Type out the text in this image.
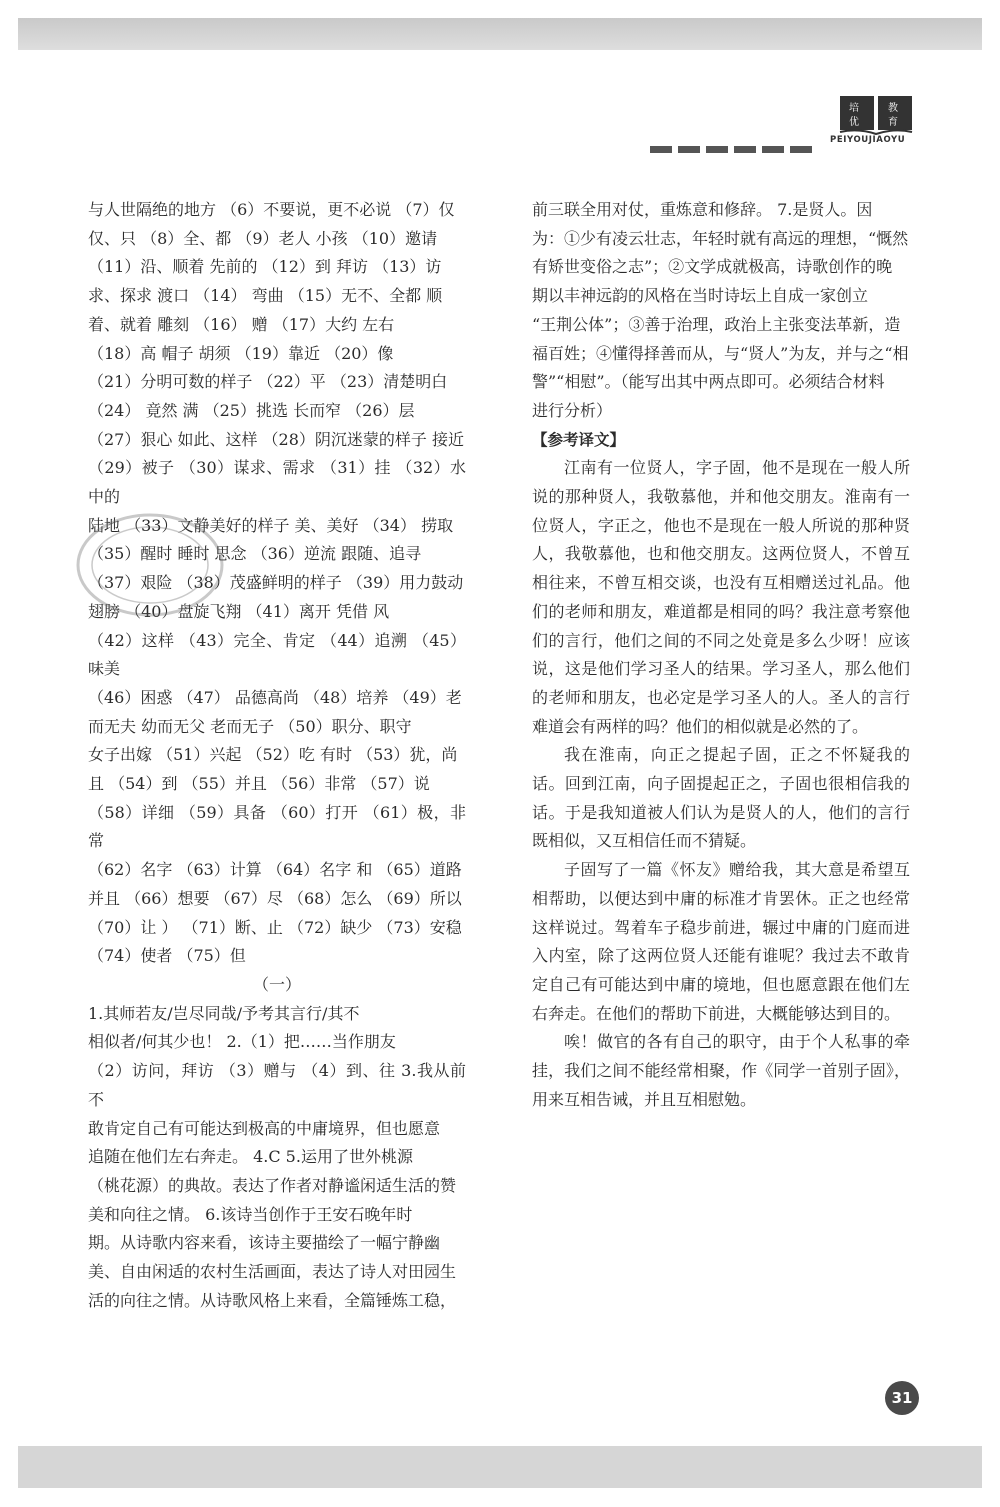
培
优
教
育
PEIYOUJIAOYU

与人世隔绝的地方 （6）不要说，更不必说 （7）仅

仅、只 （8）全、都 （9）老人 小孩 （10）邀请

（11）沿、顺着 先前的 （12）到 拜访 （13）访

求、探求 渡口 （14） 弯曲 （15）无不、全都 顺

着、就着 雕刻 （16） 赠 （17）大约 左右

（18）高 帽子 胡须 （19）靠近 （20）像

（21）分明可数的样子 （22）平 （23）清楚明白

（24） 竟然 满 （25）挑选 长而窄 （26）层

（27）狠心 如此、这样 （28）阴沉迷蒙的样子 接近

（29）被子 （30）谋求、需求 （31）挂 （32）水中的

陆地 （33）文静美好的样子 美、美好 （34） 捞取

（35）醒时 睡时 思念 （36）逆流 跟随、追寻

（37）艰险 （38）茂盛鲜明的样子 （39）用力鼓动

翅膀 （40）盘旋飞翔 （41）离开 凭借 风

（42）这样 （43）完全、肯定 （44）追溯 （45）味美

（46）困惑 （47） 品德高尚 （48）培养 （49）老

而无夫 幼而无父 老而无子 （50）职分、职守

女子出嫁 （51）兴起 （52）吃 有时 （53）犹，尚

且 （54）到 （55）并且 （56）非常 （57）说

（58）详细 （59）具备 （60）打开 （61）极，非常

（62）名字 （63）计算 （64）名字 和 （65）道路

并且 （66）想要 （67）尽 （68）怎么 （69）所以

（70）让 ） （71）断、止 （72）缺少 （73）安稳

（74）使者 （75）但

（一）

1.其师若友/岂尽同哉/予考其言行/其不

相似者/何其少也！ 2.（1）把……当作朋友

（2）访问，拜访 （3）赠与 （4）到、往 3.我从前不

敢肯定自己有可能达到极高的中庸境界，但也愿意

追随在他们左右奔走。 4.C 5.运用了世外桃源

（桃花源）的典故。表达了作者对静谧闲适生活的赞

美和向往之情。 6.该诗当创作于王安石晚年时

期。从诗歌内容来看，该诗主要描绘了一幅宁静幽

美、自由闲适的农村生活画面，表达了诗人对田园生

活的向往之情。从诗歌风格上来看，全篇锤炼工稳，

前三联全用对仗，重炼意和修辞。 7.是贤人。因

为：①少有凌云壮志，年轻时就有高远的理想，“慨然

有矫世变俗之志”；②文学成就极高，诗歌创作的晚

期以丰神远韵的风格在当时诗坛上自成一家创立

“王荆公体”；③善于治理，政治上主张变法革新，造

福百姓；④懂得择善而从，与“贤人”为友，并与之“相

警”“相慰”。（能写出其中两点即可。必须结合材料

进行分析）

【参考译文】

江南有一位贤人，字子固，他不是现在一般人所说的那种贤人，我敬慕他，并和他交朋友。淮南有一位贤人，字正之，他也不是现在一般人所说的那种贤人，我敬慕他，也和他交朋友。这两位贤人，不曾互相往来，不曾互相交谈，也没有互相赠送过礼品。他们的老师和朋友，难道都是相同的吗？我注意考察他们的言行，他们之间的不同之处竟是多么少呀！应该说，这是他们学习圣人的结果。学习圣人，那么他们的老师和朋友，也必定是学习圣人的人。圣人的言行难道会有两样的吗？他们的相似就是必然的了。

我在淮南，向正之提起子固，正之不怀疑我的话。回到江南，向子固提起正之，子固也很相信我的话。于是我知道被人们认为是贤人的人，他们的言行既相似，又互相信任而不猜疑。

子固写了一篇《怀友》赠给我，其大意是希望互相帮助，以便达到中庸的标准才肯罢休。正之也经常这样说过。驾着车子稳步前进，辗过中庸的门庭而进入内室，除了这两位贤人还能有谁呢？我过去不敢肯定自己有可能达到中庸的境地，但也愿意跟在他们左右奔走。在他们的帮助下前进，大概能够达到目的。

唉！做官的各有自己的职守，由于个人私事的牵挂，我们之间不能经常相聚，作《同学一首别子固》，用来互相告诫，并且互相慰勉。

31
